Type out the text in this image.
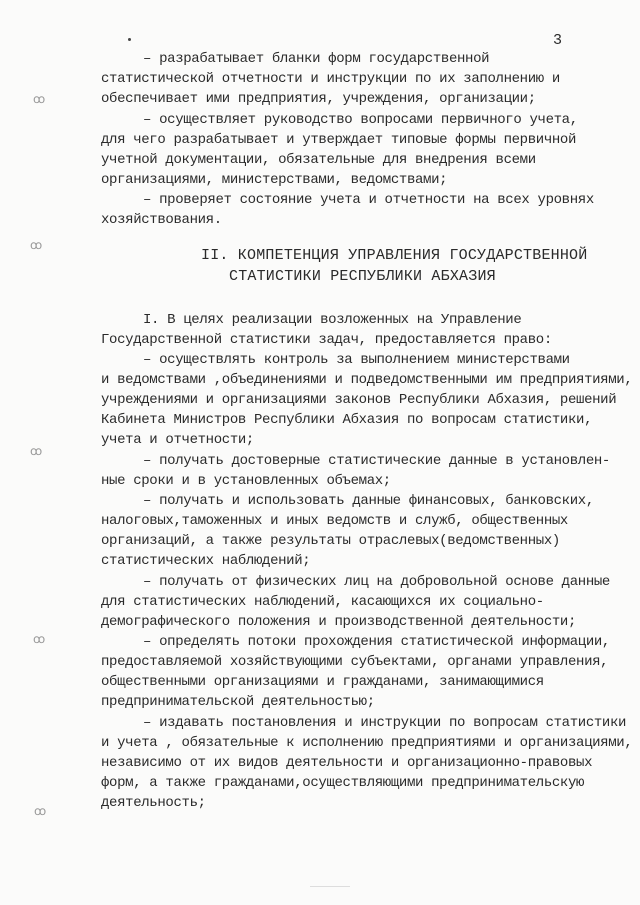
3
ꝏ
ꝏ
ꝏ
ꝏ
ꝏ
– разрабатывает бланки форм государственной
статистической отчетности и инструкции по их заполнению и
обеспечивает ими предприятия, учреждения, организации;
– осуществляет руководство вопросами первичного учета,
для чего разрабатывает и утверждает типовые формы первичной
учетной документации, обязательные для внедрения всеми
организациями, министерствами, ведомствами;
– проверяет состояние учета и отчетности на всех уровнях
хозяйствования.
II. КОМПЕТЕНЦИЯ УПРАВЛЕНИЯ ГОСУДАРСТВЕННОЙ
СТАТИСТИКИ РЕСПУБЛИКИ АБХАЗИЯ
I. В целях реализации возложенных на Управление
Государственной статистики задач, предоставляется право:
– осуществлять контроль за выполнением министерствами
и ведомствами ,объединениями и подведомственными им предприятиями,
учреждениями и организациями законов Республики Абхазия, решений
Кабинета Министров Республики Абхазия по вопросам статистики,
учета и отчетности;
– получать достоверные статистические данные в установлен-
ные сроки и в установленных объемах;
– получать и использовать данные финансовых, банковских,
налоговых,таможенных и иных ведомств и служб, общественных
организаций, а также результаты отраслевых(ведомственных)
статистических наблюдений;
– получать от физических лиц на добровольной основе данные
для статистических наблюдений, касающихся их социально-
демографического положения и производственной деятельности;
– определять потоки прохождения статистической информации,
предоставляемой хозяйствующими субъектами, органами управления,
общественными организациями и гражданами, занимающимися
предпринимательской деятельностью;
– издавать постановления и инструкции по вопросам статистики
и учета , обязательные к исполнению предприятиями и организациями,
независимо от их видов деятельности и организационно-правовых
форм, а также гражданами,осуществляющими предпринимательскую
деятельность;
